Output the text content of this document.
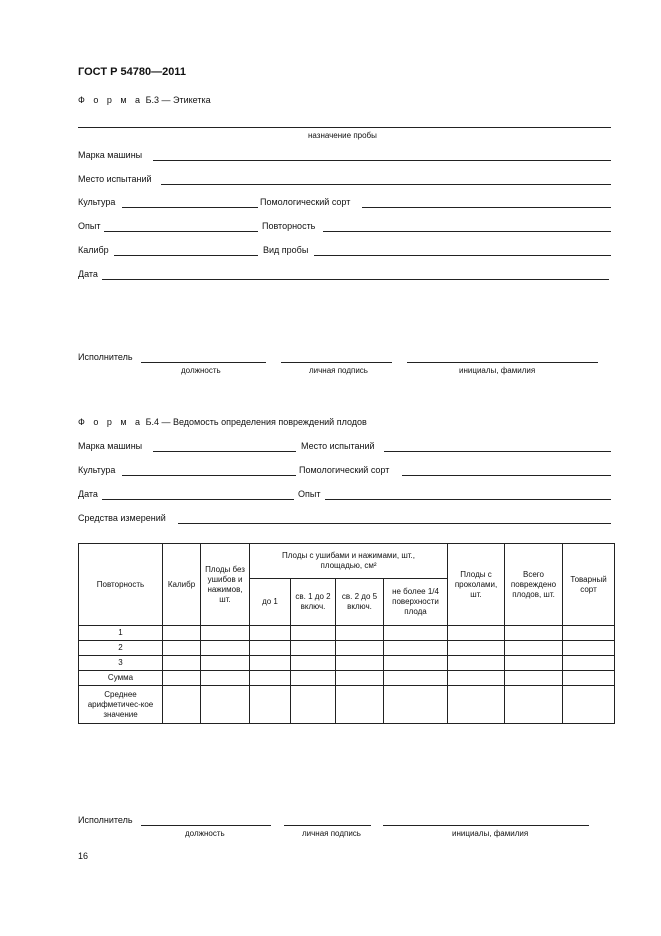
ГОСТ Р 54780—2011
Ф о р м а Б.3 — Этикетка
назначение пробы
Марка машины
Место испытаний
Культура	Помологический сорт
Опыт	Повторность
Калибр	Вид пробы
Дата
Исполнитель
должность	личная подпись	инициалы, фамилия
Ф о р м а Б.4 — Ведомость определения повреждений плодов
Марка машины	Место испытаний
Культура	Помологический сорт
Дата	Опыт
Средства измерений
Повторность	Калибр	Плоды без ушибов и нажимов, шт.	Плоды с ушибами и нажимами, шт., площадью, см²				Плоды с проколами, шт.	Всего повреждено плодов, шт.	Товарный сорт
			до 1	св. 1 до 2 включ.	св. 2 до 5 включ.	не более 1/4 поверхности плода			
1									
2									
3									
Сумма									
Среднее арифметичес-кое значение									
Исполнитель
должность	личная подпись	инициалы, фамилия
16
